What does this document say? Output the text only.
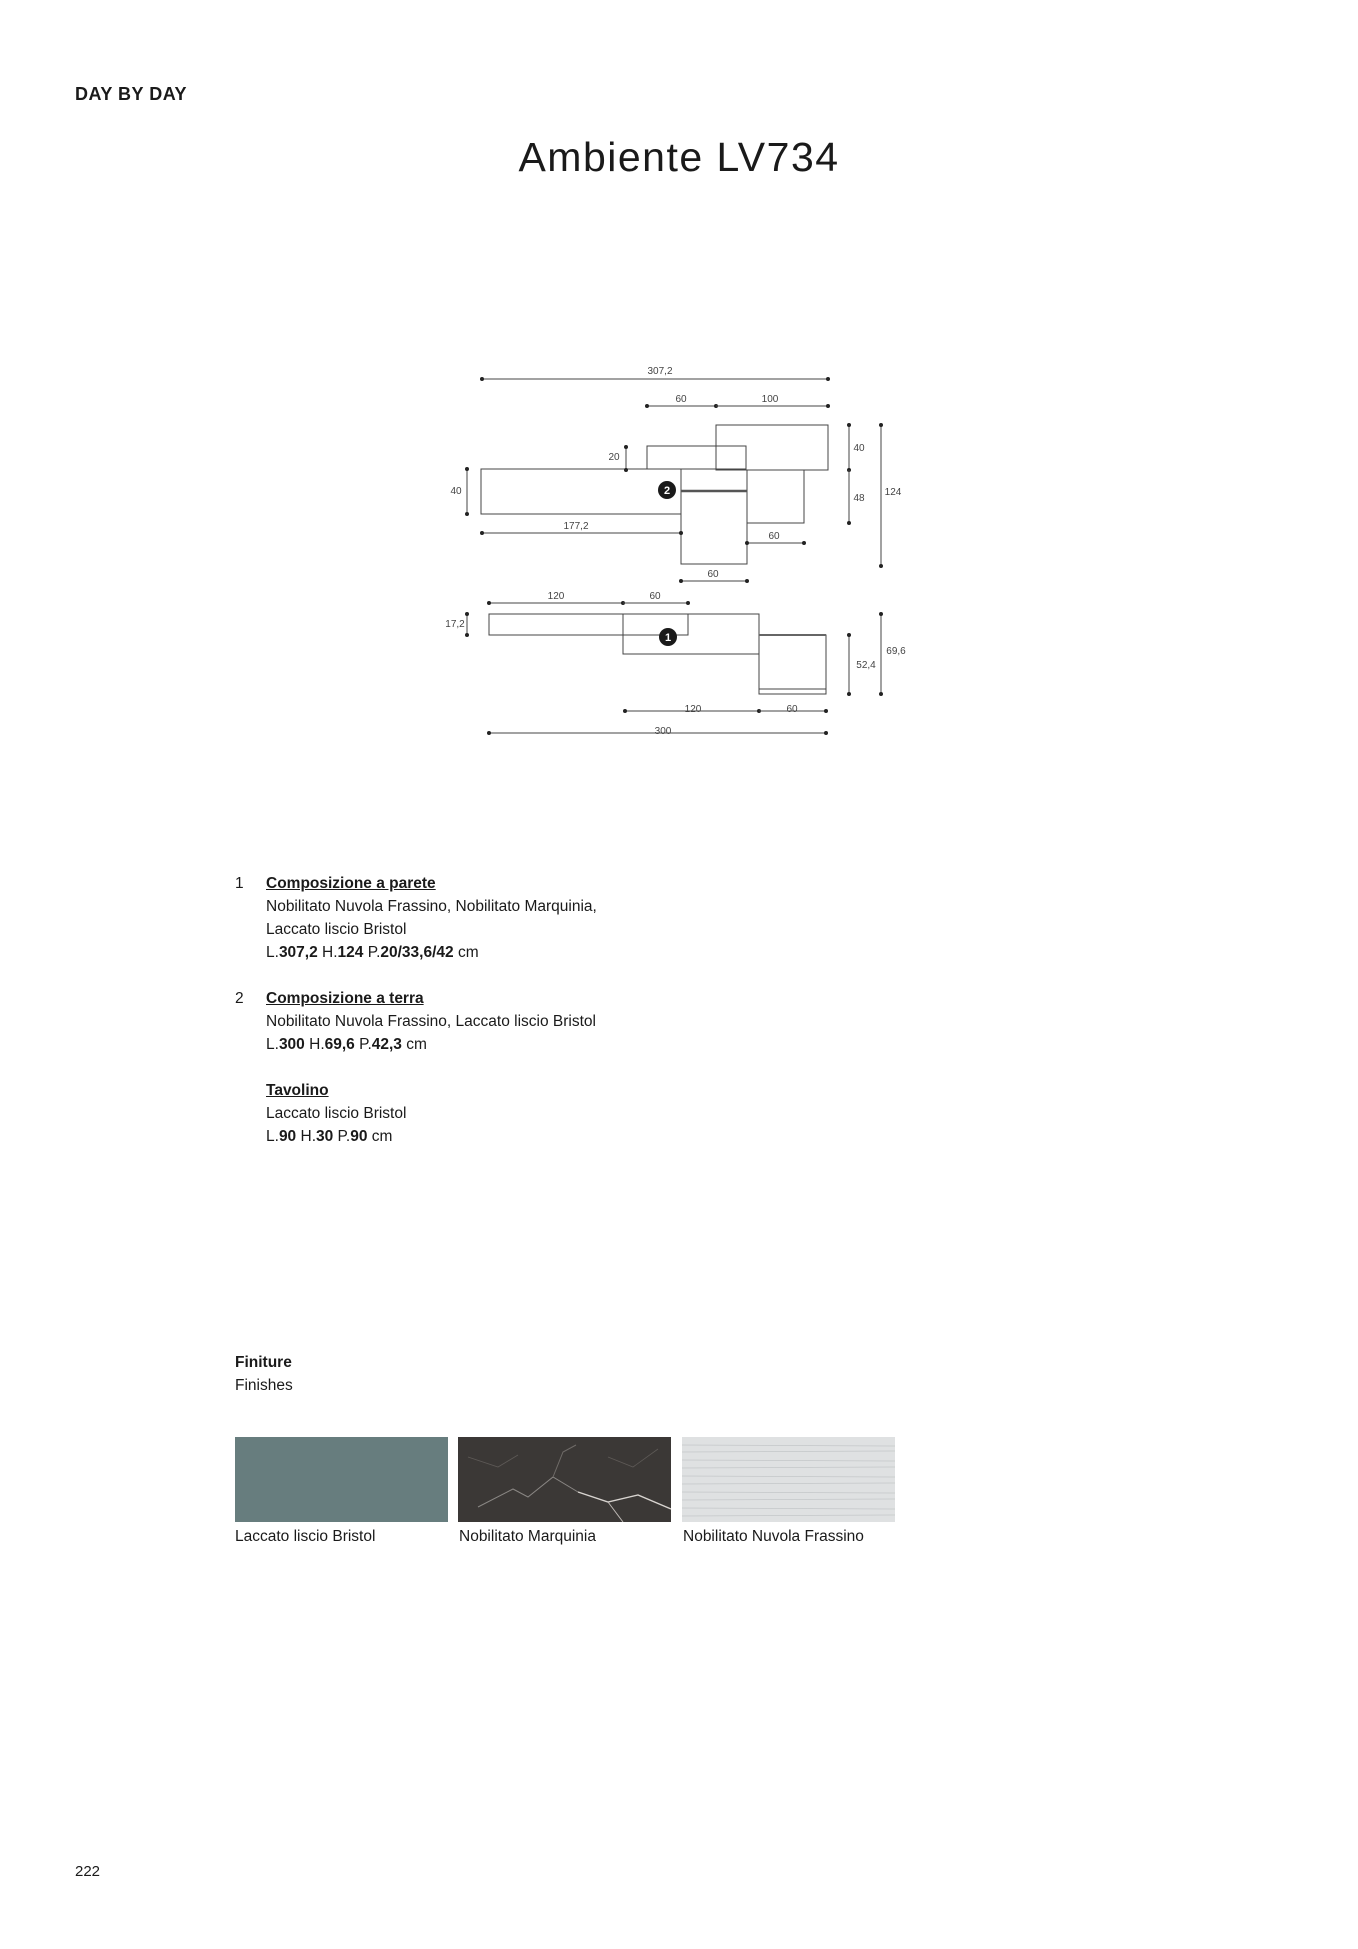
DAY BY DAY
Ambiente LV734
2
1
307,2
60	100
20
40
177,2
60
60
40
48
124
120	60
17,2
52,4
69,6
120	60
300
1 Composizione a parete
Nobilitato Nuvola Frassino, Nobilitato Marquinia,
Laccato liscio Bristol
L.307,2 H.124 P.20/33,6/42 cm
2 Composizione a terra
Nobilitato Nuvola Frassino, Laccato liscio Bristol
L.300 H.69,6 P.42,3 cm
Tavolino
Laccato liscio Bristol
L.90 H.30 P.90 cm
Finiture
Finishes
Laccato liscio Bristol	Nobilitato Marquinia	Nobilitato Nuvola Frassino
222
